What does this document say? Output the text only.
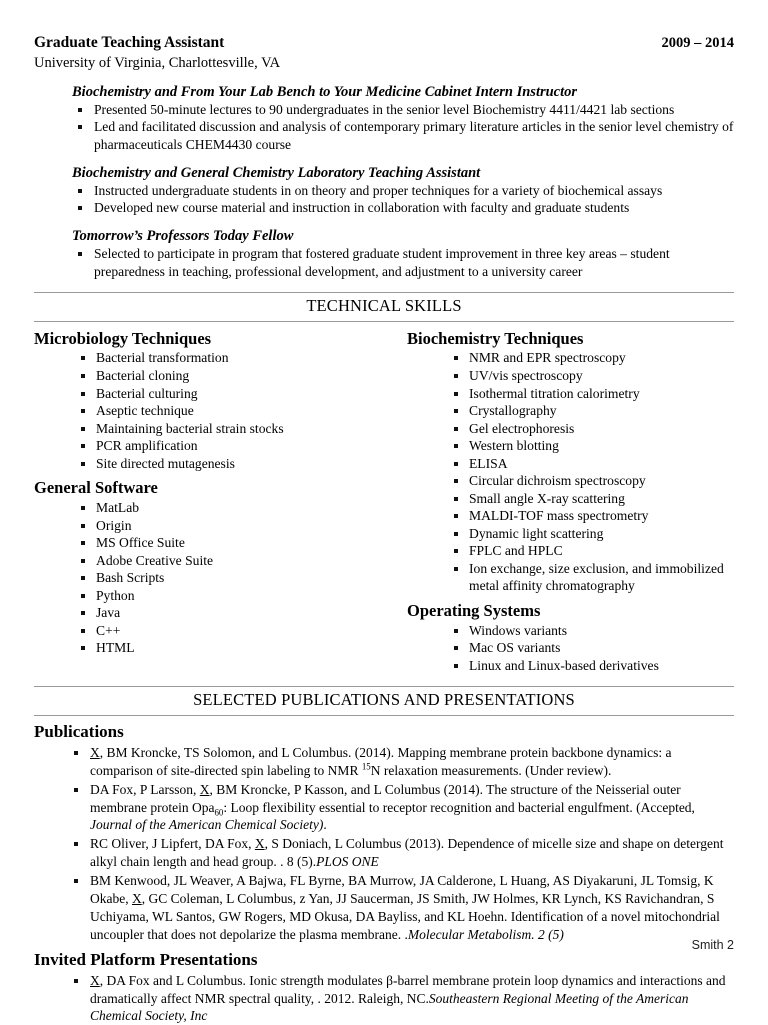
Graduate Teaching Assistant	2009 – 2014
University of Virginia, Charlottesville, VA
Biochemistry and From Your Lab Bench to Your Medicine Cabinet Intern Instructor
Presented 50-minute lectures to 90 undergraduates in the senior level Biochemistry 4411/4421 lab sections
Led and facilitated discussion and analysis of contemporary primary literature articles in the senior level chemistry of pharmaceuticals CHEM4430 course
Biochemistry and General Chemistry Laboratory Teaching Assistant
Instructed undergraduate students in on theory and proper techniques for a variety of biochemical assays
Developed new course material and instruction in collaboration with faculty and graduate students
Tomorrow’s Professors Today Fellow
Selected to participate in program that fostered graduate student improvement in three key areas – student preparedness in teaching, professional development, and adjustment to a university career
TECHNICAL SKILLS
Microbiology Techniques
Bacterial transformation
Bacterial cloning
Bacterial culturing
Aseptic technique
Maintaining bacterial strain stocks
PCR amplification
Site directed mutagenesis
General Software
MatLab
Origin
MS Office Suite
Adobe Creative Suite
Bash Scripts
Python
Java
C++
HTML
Biochemistry Techniques
NMR and EPR spectroscopy
UV/vis spectroscopy
Isothermal titration calorimetry
Crystallography
Gel electrophoresis
Western blotting
ELISA
Circular dichroism spectroscopy
Small angle X-ray scattering
MALDI-TOF mass spectrometry
Dynamic light scattering
FPLC and HPLC
Ion exchange, size exclusion, and immobilized metal affinity chromatography
Operating Systems
Windows variants
Mac OS variants
Linux and Linux-based derivatives
SELECTED PUBLICATIONS AND PRESENTATIONS
Publications
X, BM Kroncke, TS Solomon, and L Columbus. (2014). Mapping membrane protein backbone dynamics: a comparison of site-directed spin labeling to NMR $^{15}$N relaxation measurements. (Under review).
DA Fox, P Larsson, X, BM Kroncke, P Kasson, and L Columbus (2014). The structure of the Neisserial outer membrane protein Opa$_{60}$: Loop flexibility essential to receptor recognition and bacterial engulfment. (Accepted, Journal of the American Chemical Society).
RC Oliver, J Lipfert, DA Fox, X, S Doniach, L Columbus (2013). Dependence of micelle size and shape on detergent alkyl chain length and head group. . 8 (5).PLOS ONE
BM Kenwood, JL Weaver, A Bajwa, FL Byrne, BA Murrow, JA Calderone, L Huang, AS Diyakaruni, JL Tomsig, K Okabe, X, GC Coleman, L Columbus, z Yan, JJ Saucerman, JS Smith, JW Holmes, KR Lynch, KS Ravichandran, S Uchiyama, WL Santos, GW Rogers, MD Okusa, DA Bayliss, and KL Hoehn. Identification of a novel mitochondrial uncoupler that does not depolarize the plasma membrane. .Molecular Metabolism. 2 (5)
Invited Platform Presentations
X, DA Fox and L Columbus. Ionic strength modulates β-barrel membrane protein loop dynamics and interactions and dramatically affect NMR spectral quality, . 2012. Raleigh, NC.Southeastern Regional Meeting of the American Chemical Society, Inc
Smith 2
